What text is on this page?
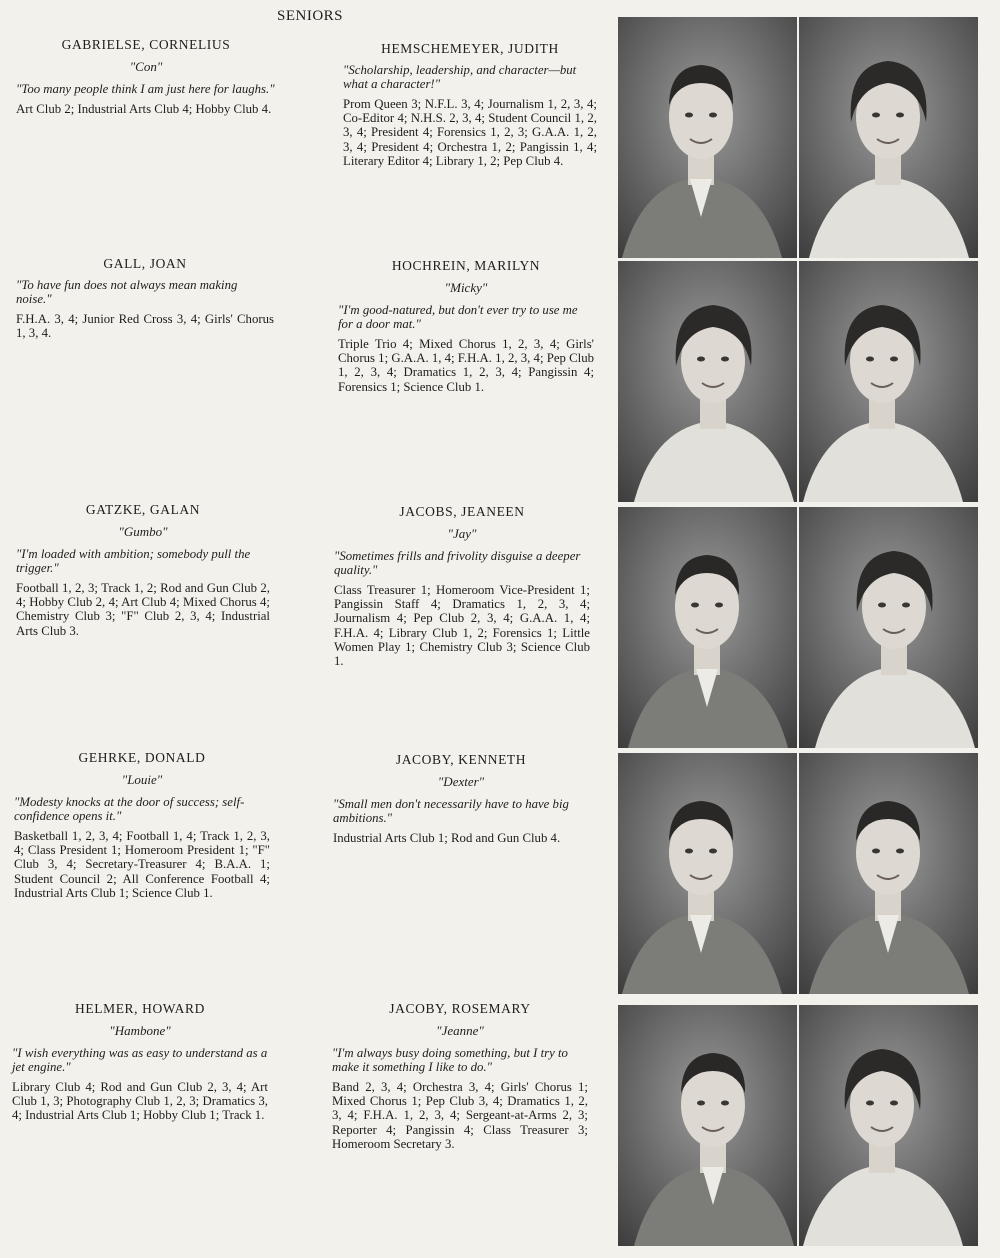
SENIORS
GABRIELSE, CORNELIUS
"Con"
"Too many people think I am just here for laughs."
Art Club 2; Industrial Arts Club 4; Hobby Club 4.
GALL, JOAN
"To have fun does not always mean making noise."
F.H.A. 3, 4; Junior Red Cross 3, 4; Girls' Chorus 1, 3, 4.
GATZKE, GALAN
"Gumbo"
"I'm loaded with ambition; somebody pull the trigger."
Football 1, 2, 3; Track 1, 2; Rod and Gun Club 2, 4; Hobby Club 2, 4; Art Club 4; Mixed Chorus 4; Chemistry Club 3; "F" Club 2, 3, 4; Industrial Arts Club 3.
GEHRKE, DONALD
"Louie"
"Modesty knocks at the door of success; self-confidence opens it."
Basketball 1, 2, 3, 4; Football 1, 4; Track 1, 2, 3, 4; Class President 1; Homeroom President 1; "F" Club 3, 4; Secretary-Treasurer 4; B.A.A. 1; Student Council 2; All Conference Football 4; Industrial Arts Club 1; Science Club 1.
HELMER, HOWARD
"Hambone"
"I wish everything was as easy to understand as a jet engine."
Library Club 4; Rod and Gun Club 2, 3, 4; Art Club 1, 3; Photography Club 1, 2, 3; Dramatics 3, 4; Industrial Arts Club 1; Hobby Club 1; Track 1.
HEMSCHEMEYER, JUDITH
"Scholarship, leadership, and character—but what a character!"
Prom Queen 3; N.F.L. 3, 4; Journalism 1, 2, 3, 4; Co-Editor 4; N.H.S. 2, 3, 4; Student Council 1, 2, 3, 4; President 4; Forensics 1, 2, 3; G.A.A. 1, 2, 3, 4; President 4; Orchestra 1, 2; Pangissin 1, 4; Literary Editor 4; Library 1, 2; Pep Club 4.
HOCHREIN, MARILYN
"Micky"
"I'm good-natured, but don't ever try to use me for a door mat."
Triple Trio 4; Mixed Chorus 1, 2, 3, 4; Girls' Chorus 1; G.A.A. 1, 4; F.H.A. 1, 2, 3, 4; Pep Club 1, 2, 3, 4; Dramatics 1, 2, 3, 4; Pangissin 4; Forensics 1; Science Club 1.
JACOBS, JEANEEN
"Jay"
"Sometimes frills and frivolity disguise a deeper quality."
Class Treasurer 1; Homeroom Vice-President 1; Pangissin Staff 4; Dramatics 1, 2, 3, 4; Journalism 4; Pep Club 2, 3, 4; G.A.A. 1, 4; F.H.A. 4; Library Club 1, 2; Forensics 1; Little Women Play 1; Chemistry Club 3; Science Club 1.
JACOBY, KENNETH
"Dexter"
"Small men don't necessarily have to have big ambitions."
Industrial Arts Club 1; Rod and Gun Club 4.
JACOBY, ROSEMARY
"Jeanne"
"I'm always busy doing something, but I try to make it something I like to do."
Band 2, 3, 4; Orchestra 3, 4; Girls' Chorus 1; Mixed Chorus 1; Pep Club 3, 4; Dramatics 1, 2, 3, 4; F.H.A. 1, 2, 3, 4; Sergeant-at-Arms 2, 3; Reporter 4; Pangissin 4; Class Treasurer 3; Homeroom Secretary 3.
